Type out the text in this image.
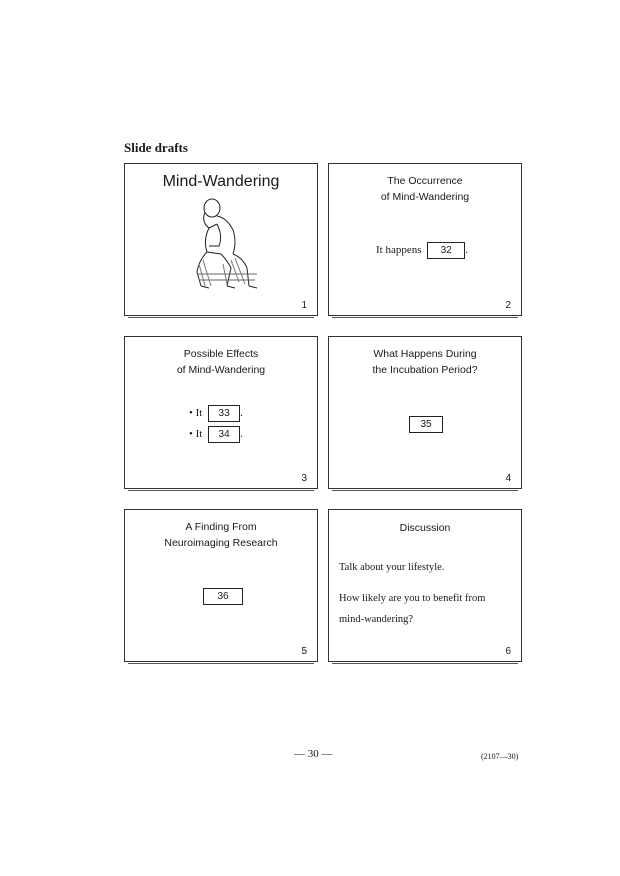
Slide drafts
Mind-Wandering
1
The Occurrence
of Mind-Wandering
It happens 32 .
2
Possible Effects
of Mind-Wandering
• It 33 .
• It 34 .
3
What Happens During
the Incubation Period?
35
4
A Finding From
Neuroimaging Research
36
5
Discussion
Talk about your lifestyle.
How likely are you to benefit from
mind-wandering?
6
— 30 —	(2107—30)
